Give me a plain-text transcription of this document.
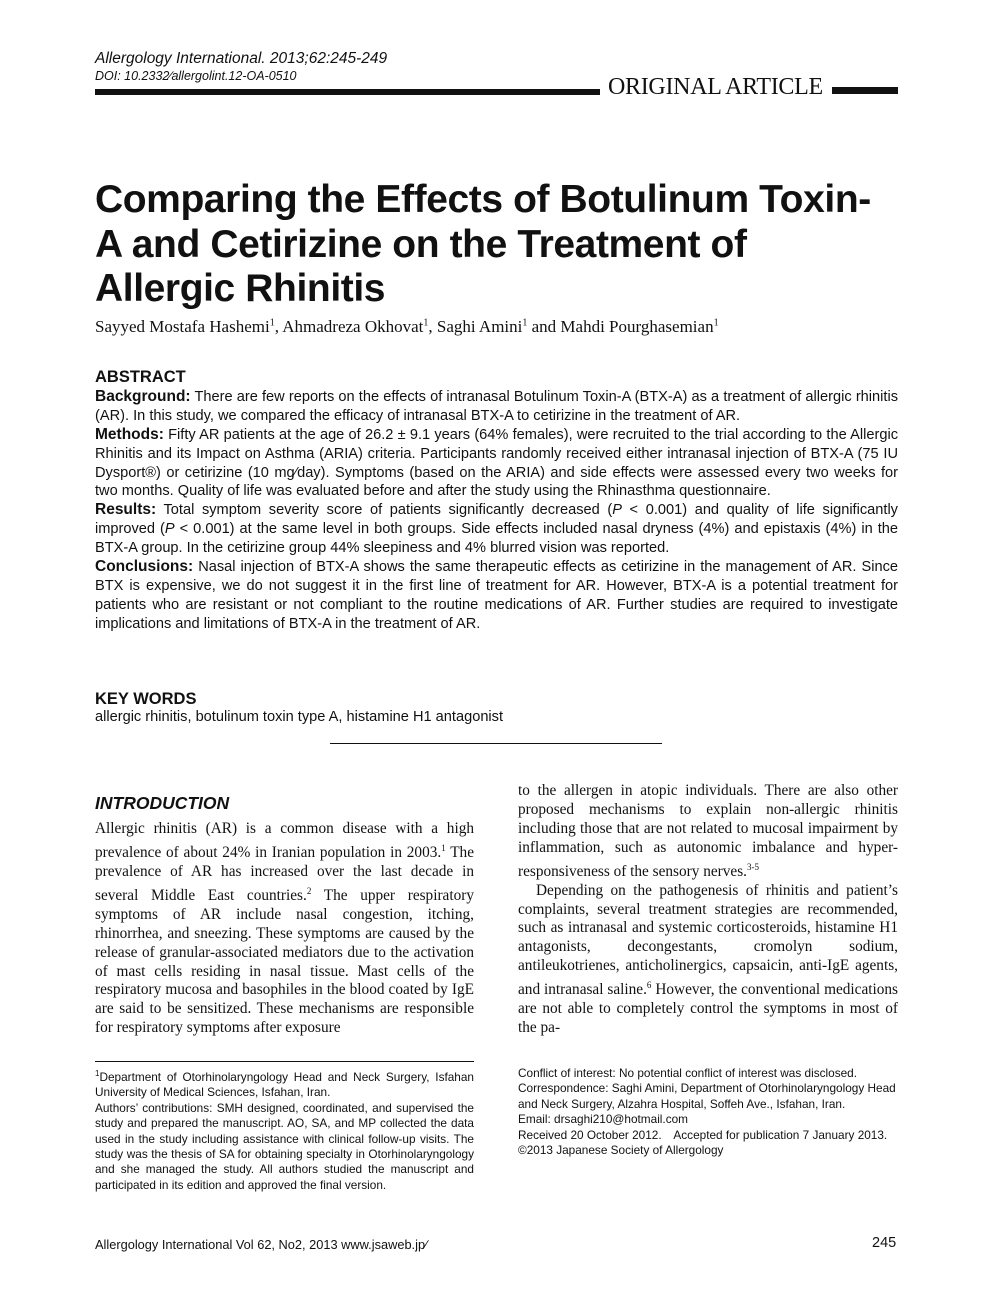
Allergology International. 2013;62:245-249
DOI: 10.2332∕allergolint.12-OA-0510	ORIGINAL ARTICLE
Comparing the Effects of Botulinum Toxin-A and Cetirizine on the Treatment of Allergic Rhinitis
Sayyed Mostafa Hashemi$^1$, Ahmadreza Okhovat$^1$, Saghi Amini$^1$ and Mahdi Pourghasemian$^1$

ABSTRACT

Background: There are few reports on the effects of intranasal Botulinum Toxin-A (BTX-A) as a treatment of allergic rhinitis (AR). In this study, we compared the efficacy of intranasal BTX-A to cetirizine in the treatment of AR.

Methods: Fifty AR patients at the age of 26.2 ± 9.1 years (64% females), were recruited to the trial according to the Allergic Rhinitis and its Impact on Asthma (ARIA) criteria. Participants randomly received either intranasal injection of BTX-A (75 IU Dysport®) or cetirizine (10 mg∕day). Symptoms (based on the ARIA) and side effects were assessed every two weeks for two months. Quality of life was evaluated before and after the study using the Rhinasthma questionnaire.

Results: Total symptom severity score of patients significantly decreased (P < 0.001) and quality of life significantly improved (P < 0.001) at the same level in both groups. Side effects included nasal dryness (4%) and epistaxis (4%) in the BTX-A group. In the cetirizine group 44% sleepiness and 4% blurred vision was reported.

Conclusions: Nasal injection of BTX-A shows the same therapeutic effects as cetirizine in the management of AR. Since BTX is expensive, we do not suggest it in the first line of treatment for AR. However, BTX-A is a potential treatment for patients who are resistant or not compliant to the routine medications of AR. Further studies are required to investigate implications and limitations of BTX-A in the treatment of AR.

KEY WORDS
allergic rhinitis, botulinum toxin type A, histamine H1 antagonist
INTRODUCTION

Allergic rhinitis (AR) is a common disease with a high prevalence of about 24% in Iranian population in 2003.$^1$ The prevalence of AR has increased over the last decade in several Middle East countries.$^2$ The upper respiratory symptoms of AR include nasal congestion, itching, rhinorrhea, and sneezing. These symptoms are caused by the release of granular-associated mediators due to the activation of mast cells residing in nasal tissue. Mast cells of the respiratory mucosa and basophiles in the blood coated by IgE are said to be sensitized. These mechanisms are responsible for respiratory symptoms after exposure

to the allergen in atopic individuals. There are also other proposed mechanisms to explain non-allergic rhinitis including those that are not related to mucosal impairment by inflammation, such as autonomic imbalance and hyper-responsiveness of the sensory nerves.$^{3-5}$

Depending on the pathogenesis of rhinitis and patient’s complaints, several treatment strategies are recommended, such as intranasal and systemic corticosteroids, histamine H1 antagonists, decongestants, cromolyn sodium, antileukotrienes, anticholinergics, capsaicin, anti-IgE agents, and intranasal saline.$^6$ However, the conventional medications are not able to completely control the symptoms in most of the pa-

$^1$Department of Otorhinolaryngology Head and Neck Surgery, Isfahan University of Medical Sciences, Isfahan, Iran.

Authors’ contributions: SMH designed, coordinated, and supervised the study and prepared the manuscript. AO, SA, and MP collected the data used in the study including assistance with clinical follow-up visits. The study was the thesis of SA for obtaining specialty in Otorhinolaryngology and she managed the study. All authors studied the manuscript and participated in its edition and approved the final version.

Conflict of interest: No potential conflict of interest was disclosed.

Correspondence: Saghi Amini, Department of Otorhinolaryngology Head and Neck Surgery, Alzahra Hospital, Soffeh Ave., Isfahan, Iran.

Email: drsaghi210@hotmail.com

Received 20 October 2012. Accepted for publication 7 January 2013.

©2013 Japanese Society of Allergology

Allergology International Vol 62, No2, 2013 www.jsaweb.jp∕	245
